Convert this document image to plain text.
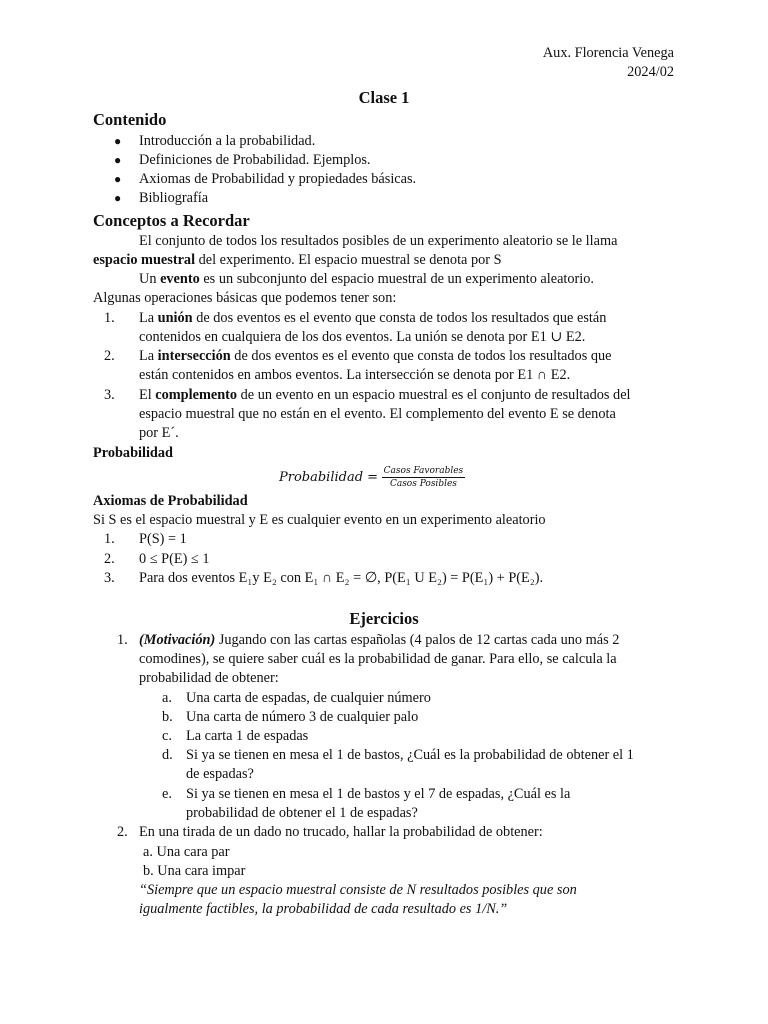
Aux. Florencia Venega
2024/02
Clase 1
Contenido
● Introducción a la probabilidad.
● Definiciones de Probabilidad. Ejemplos.
● Axiomas de Probabilidad y propiedades básicas.
● Bibliografía
Conceptos a Recordar
El conjunto de todos los resultados posibles de un experimento aleatorio se le llama
espacio muestral del experimento. El espacio muestral se denota por S
Un evento es un subconjunto del espacio muestral de un experimento aleatorio.
Algunas operaciones básicas que podemos tener son:
1. La unión de dos eventos es el evento que consta de todos los resultados que están
contenidos en cualquiera de los dos eventos. La unión se denota por E1 ∪ E2.
2. La intersección de dos eventos es el evento que consta de todos los resultados que
están contenidos en ambos eventos. La intersección se denota por E1 ∩ E2.
3. El complemento de un evento en un espacio muestral es el conjunto de resultados del
espacio muestral que no están en el evento. El complemento del evento E se denota
por E´.
Probabilidad
Probabilidad = $\frac{\text{Casos Favorables}}{\text{Casos Posibles}}$
Axiomas de Probabilidad
Si S es el espacio muestral y E es cualquier evento en un experimento aleatorio
1. P(S) = 1
2. 0 ≤ P(E) ≤ 1
3. Para dos eventos E₁y E₂ con E₁ ∩ E₂ = ∅, P(E₁ U E₂) = P(E₁) + P(E₂).
Ejercicios
1. (Motivación) Jugando con las cartas españolas (4 palos de 12 cartas cada uno más 2
comodines), se quiere saber cuál es la probabilidad de ganar. Para ello, se calcula la
probabilidad de obtener:
a. Una carta de espadas, de cualquier número
b. Una carta de número 3 de cualquier palo
c. La carta 1 de espadas
d. Si ya se tienen en mesa el 1 de bastos, ¿Cuál es la probabilidad de obtener el 1
de espadas?
e. Si ya se tienen en mesa el 1 de bastos y el 7 de espadas, ¿Cuál es la
probabilidad de obtener el 1 de espadas?
2. En una tirada de un dado no trucado, hallar la probabilidad de obtener:
a. Una cara par
b. Una cara impar
“Siempre que un espacio muestral consiste de N resultados posibles que son
igualmente factibles, la probabilidad de cada resultado es 1/N.”
